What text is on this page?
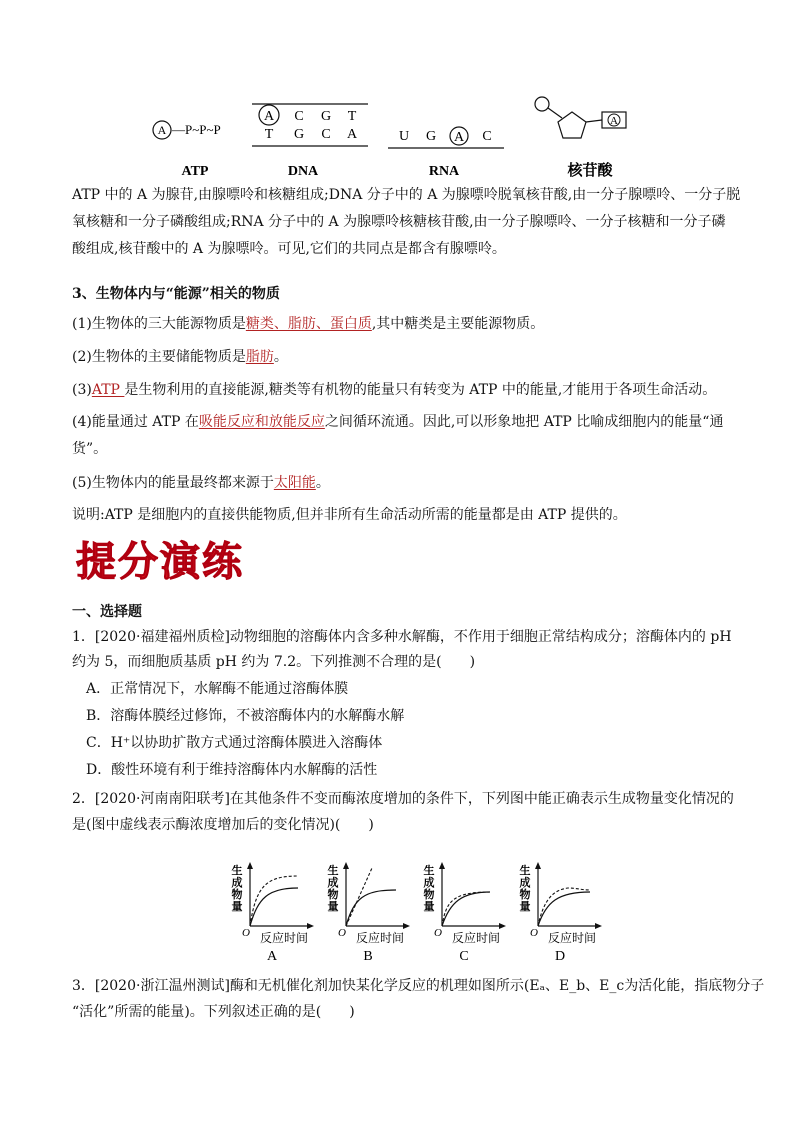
A —P~P~P
A C G T
T G C A	U G A C
A
ATP	DNA	RNA	核苷酸
ATP 中的 A 为腺苷,由腺嘌呤和核糖组成;DNA 分子中的 A 为腺嘌呤脱氧核苷酸,由一分子腺嘌呤、一分子脱
氧核糖和一分子磷酸组成;RNA 分子中的 A 为腺嘌呤核糖核苷酸,由一分子腺嘌呤、一分子核糖和一分子磷
酸组成,核苷酸中的 A 为腺嘌呤。可见,它们的共同点是都含有腺嘌呤。
3、生物体内与“能源”相关的物质
(1)生物体的三大能源物质是糖类、脂肪、蛋白质,其中糖类是主要能源物质。
(2)生物体的主要储能物质是脂肪。
(3)ATP 是生物利用的直接能源,糖类等有机物的能量只有转变为 ATP 中的能量,才能用于各项生命活动。
(4)能量通过 ATP 在吸能反应和放能反应之间循环流通。因此,可以形象地把 ATP 比喻成细胞内的能量“通
货”。
(5)生物体内的能量最终都来源于太阳能。
说明:ATP 是细胞内的直接供能物质,但并非所有生命活动所需的能量都是由 ATP 提供的。
提分演练
一、选择题
1．[2020·福建福州质检]动物细胞的溶酶体内含多种水解酶，不作用于细胞正常结构成分；溶酶体内的 pH
约为 5，而细胞质基质 pH 约为 7.2。下列推测不合理的是(　　)
A．正常情况下，水解酶不能通过溶酶体膜
B．溶酶体膜经过修饰，不被溶酶体内的水解酶水解
C．H⁺以协助扩散方式通过溶酶体膜进入溶酶体
D．酸性环境有利于维持溶酶体内水解酶的活性
2．[2020·河南南阳联考]在其他条件不变而酶浓度增加的条件下，下列图中能正确表示生成物量变化情况的
是(图中虚线表示酶浓度增加后的变化情况)(　　)
生
成
物
量
O 反应时间
A
生
成
物
量
O 反应时间
B
生
成
物
量
O 反应时间
C
生
成
物
量
O 反应时间
D
3．[2020·浙江温州测试]酶和无机催化剂加快某化学反应的机理如图所示(Eₐ、E_b、E_c为活化能，指底物分子
“活化”所需的能量)。下列叙述正确的是(　　)
